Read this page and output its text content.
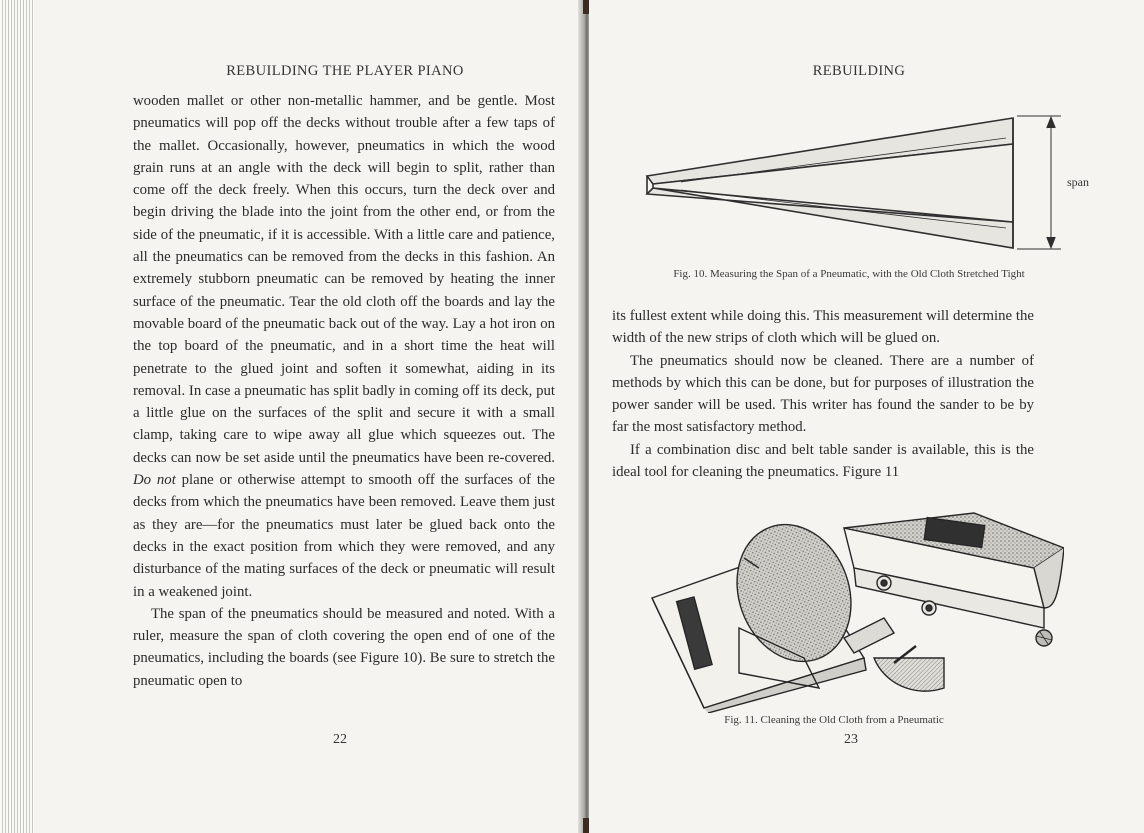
REBUILDING THE PLAYER PIANO

wooden mallet or other non-metallic hammer, and be gentle. Most pneumatics will pop off the decks without trouble after a few taps of the mallet. Occasionally, however, pneumatics in which the wood grain runs at an angle with the deck will begin to split, rather than come off the deck freely. When this occurs, turn the deck over and begin driving the blade into the joint from the other end, or from the side of the pneumatic, if it is accessible. With a little care and patience, all the pneumatics can be removed from the decks in this fashion. An extremely stubborn pneumatic can be removed by heating the inner surface of the pneumatic. Tear the old cloth off the boards and lay the movable board of the pneumatic back out of the way. Lay a hot iron on the top board of the pneumatic, and in a short time the heat will penetrate to the glued joint and soften it somewhat, aiding in its removal. In case a pneumatic has split badly in coming off its deck, put a little glue on the surfaces of the split and secure it with a small clamp, taking care to wipe away all glue which squeezes out. The decks can now be set aside until the pneumatics have been re-covered. Do not plane or otherwise attempt to smooth off the surfaces of the decks from which the pneumatics have been removed. Leave them just as they are—for the pneumatics must later be glued back onto the decks in the exact position from which they were removed, and any disturbance of the mating surfaces of the deck or pneumatic will result in a weakened joint.

The span of the pneumatics should be measured and noted. With a ruler, measure the span of cloth covering the open end of one of the pneumatics, including the boards (see Figure 10). Be sure to stretch the pneumatic open to

22
REBUILDING
span
Fig. 10. Measuring the Span of a Pneumatic, with the Old Cloth Stretched Tight

its fullest extent while doing this. This measurement will determine the width of the new strips of cloth which will be glued on.

The pneumatics should now be cleaned. There are a number of methods by which this can be done, but for purposes of illustration the power sander will be used. This writer has found the sander to be by far the most satisfactory method.

If a combination disc and belt table sander is available, this is the ideal tool for cleaning the pneumatics. Figure 11

Fig. 11. Cleaning the Old Cloth from a Pneumatic
23
